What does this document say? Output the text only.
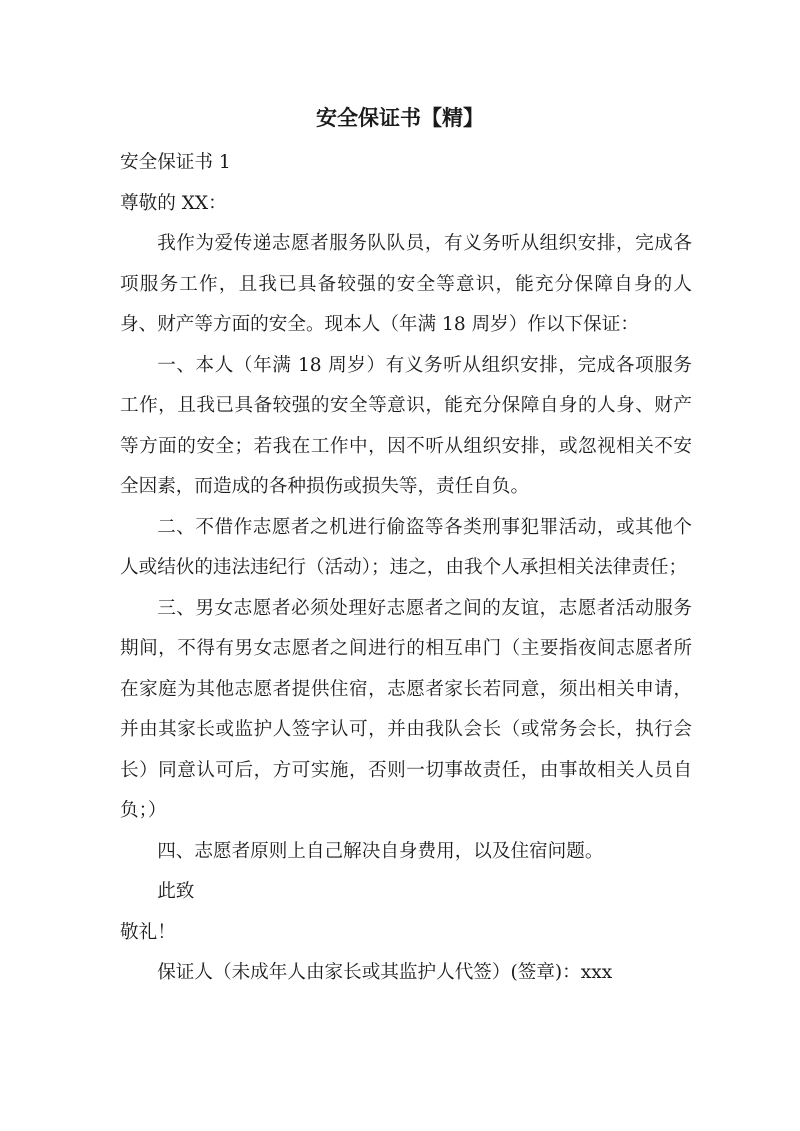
安全保证书【精】

安全保证书 1

尊敬的 XX：

我作为爱传递志愿者服务队队员，有义务听从组织安排，完成各项服务工作，且我已具备较强的安全等意识，能充分保障自身的人身、财产等方面的安全。现本人（年满 18 周岁）作以下保证：

一、本人（年满 18 周岁）有义务听从组织安排，完成各项服务工作，且我已具备较强的安全等意识，能充分保障自身的人身、财产等方面的安全；若我在工作中，因不听从组织安排，或忽视相关不安全因素，而造成的各种损伤或损失等，责任自负。

二、不借作志愿者之机进行偷盗等各类刑事犯罪活动，或其他个人或结伙的违法违纪行（活动）；违之，由我个人承担相关法律责任；

三、男女志愿者必须处理好志愿者之间的友谊，志愿者活动服务期间，不得有男女志愿者之间进行的相互串门（主要指夜间志愿者所在家庭为其他志愿者提供住宿，志愿者家长若同意，须出相关申请，并由其家长或监护人签字认可，并由我队会长（或常务会长，执行会长）同意认可后，方可实施，否则一切事故责任，由事故相关人员自负；）

四、志愿者原则上自己解决自身费用，以及住宿问题。

此致

敬礼！

保证人（未成年人由家长或其监护人代签）(签章)：xxx
